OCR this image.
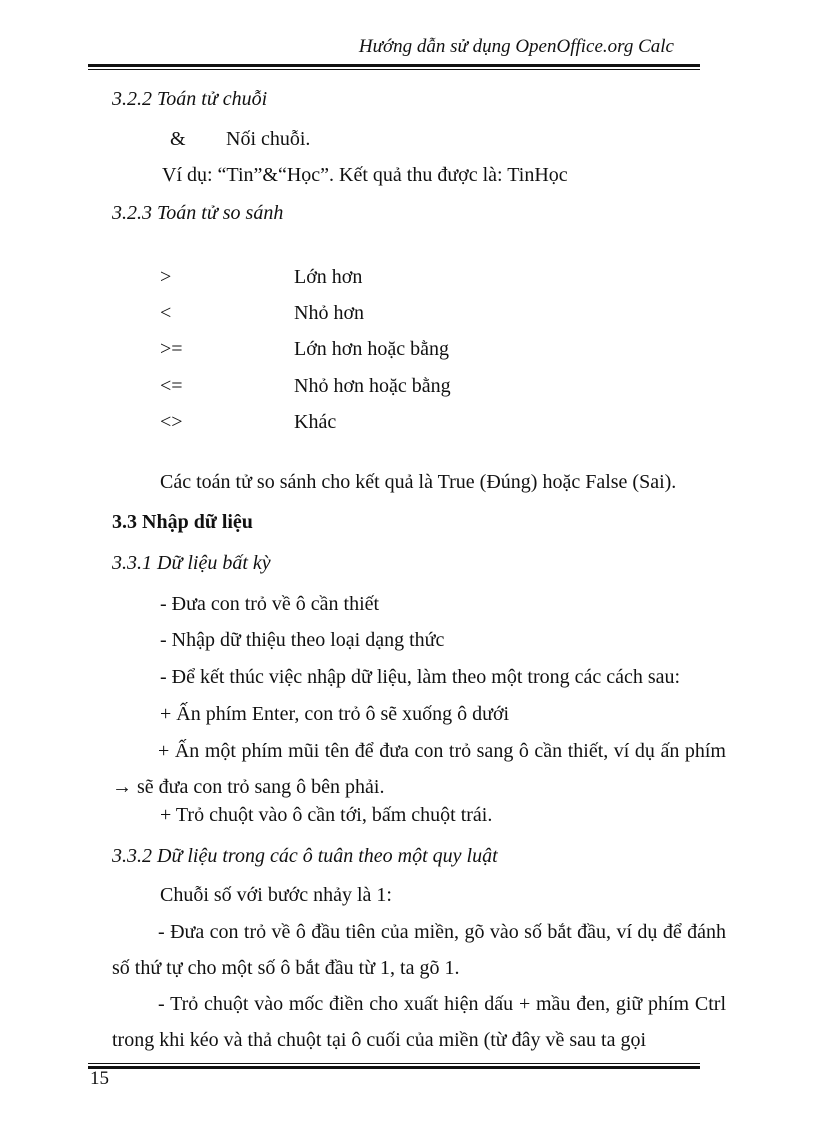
Hướng dẫn sử dụng OpenOffice.org Calc
3.2.2 Toán tử chuỗi
& Nối chuỗi.
Ví dụ: “Tin”&“Học”. Kết quả thu được là: TinHọc
3.2.3 Toán tử so sánh
>	Lớn hơn
<	Nhỏ hơn
>=	Lớn hơn hoặc bằng
<=	Nhỏ hơn hoặc bằng
<>	Khác
Các toán tử so sánh cho kết quả là True (Đúng) hoặc False (Sai).
3.3 Nhập dữ liệu
3.3.1 Dữ liệu bất kỳ
- Đưa con trỏ về ô cần thiết
- Nhập dữ thiệu theo loại dạng thức
- Để kết thúc việc nhập dữ liệu, làm theo một trong các cách sau:
+ Ấn phím Enter, con trỏ ô sẽ xuống ô dưới
+ Ấn một phím mũi tên để đưa con trỏ sang ô cần thiết, ví dụ ấn phím → sẽ đưa con trỏ sang ô bên phải.
+ Trỏ chuột vào ô cần tới, bấm chuột trái.
3.3.2 Dữ liệu trong các ô tuân theo một quy luật
Chuỗi số với bước nhảy là 1:
- Đưa con trỏ về ô đầu tiên của miền, gõ vào số bắt đầu, ví dụ để đánh số thứ tự cho một số ô bắt đầu từ 1, ta gõ 1.
- Trỏ chuột vào mốc điền cho xuất hiện dấu + mầu đen, giữ phím Ctrl trong khi kéo và thả chuột tại ô cuối của miền (từ đây về sau ta gọi
15
